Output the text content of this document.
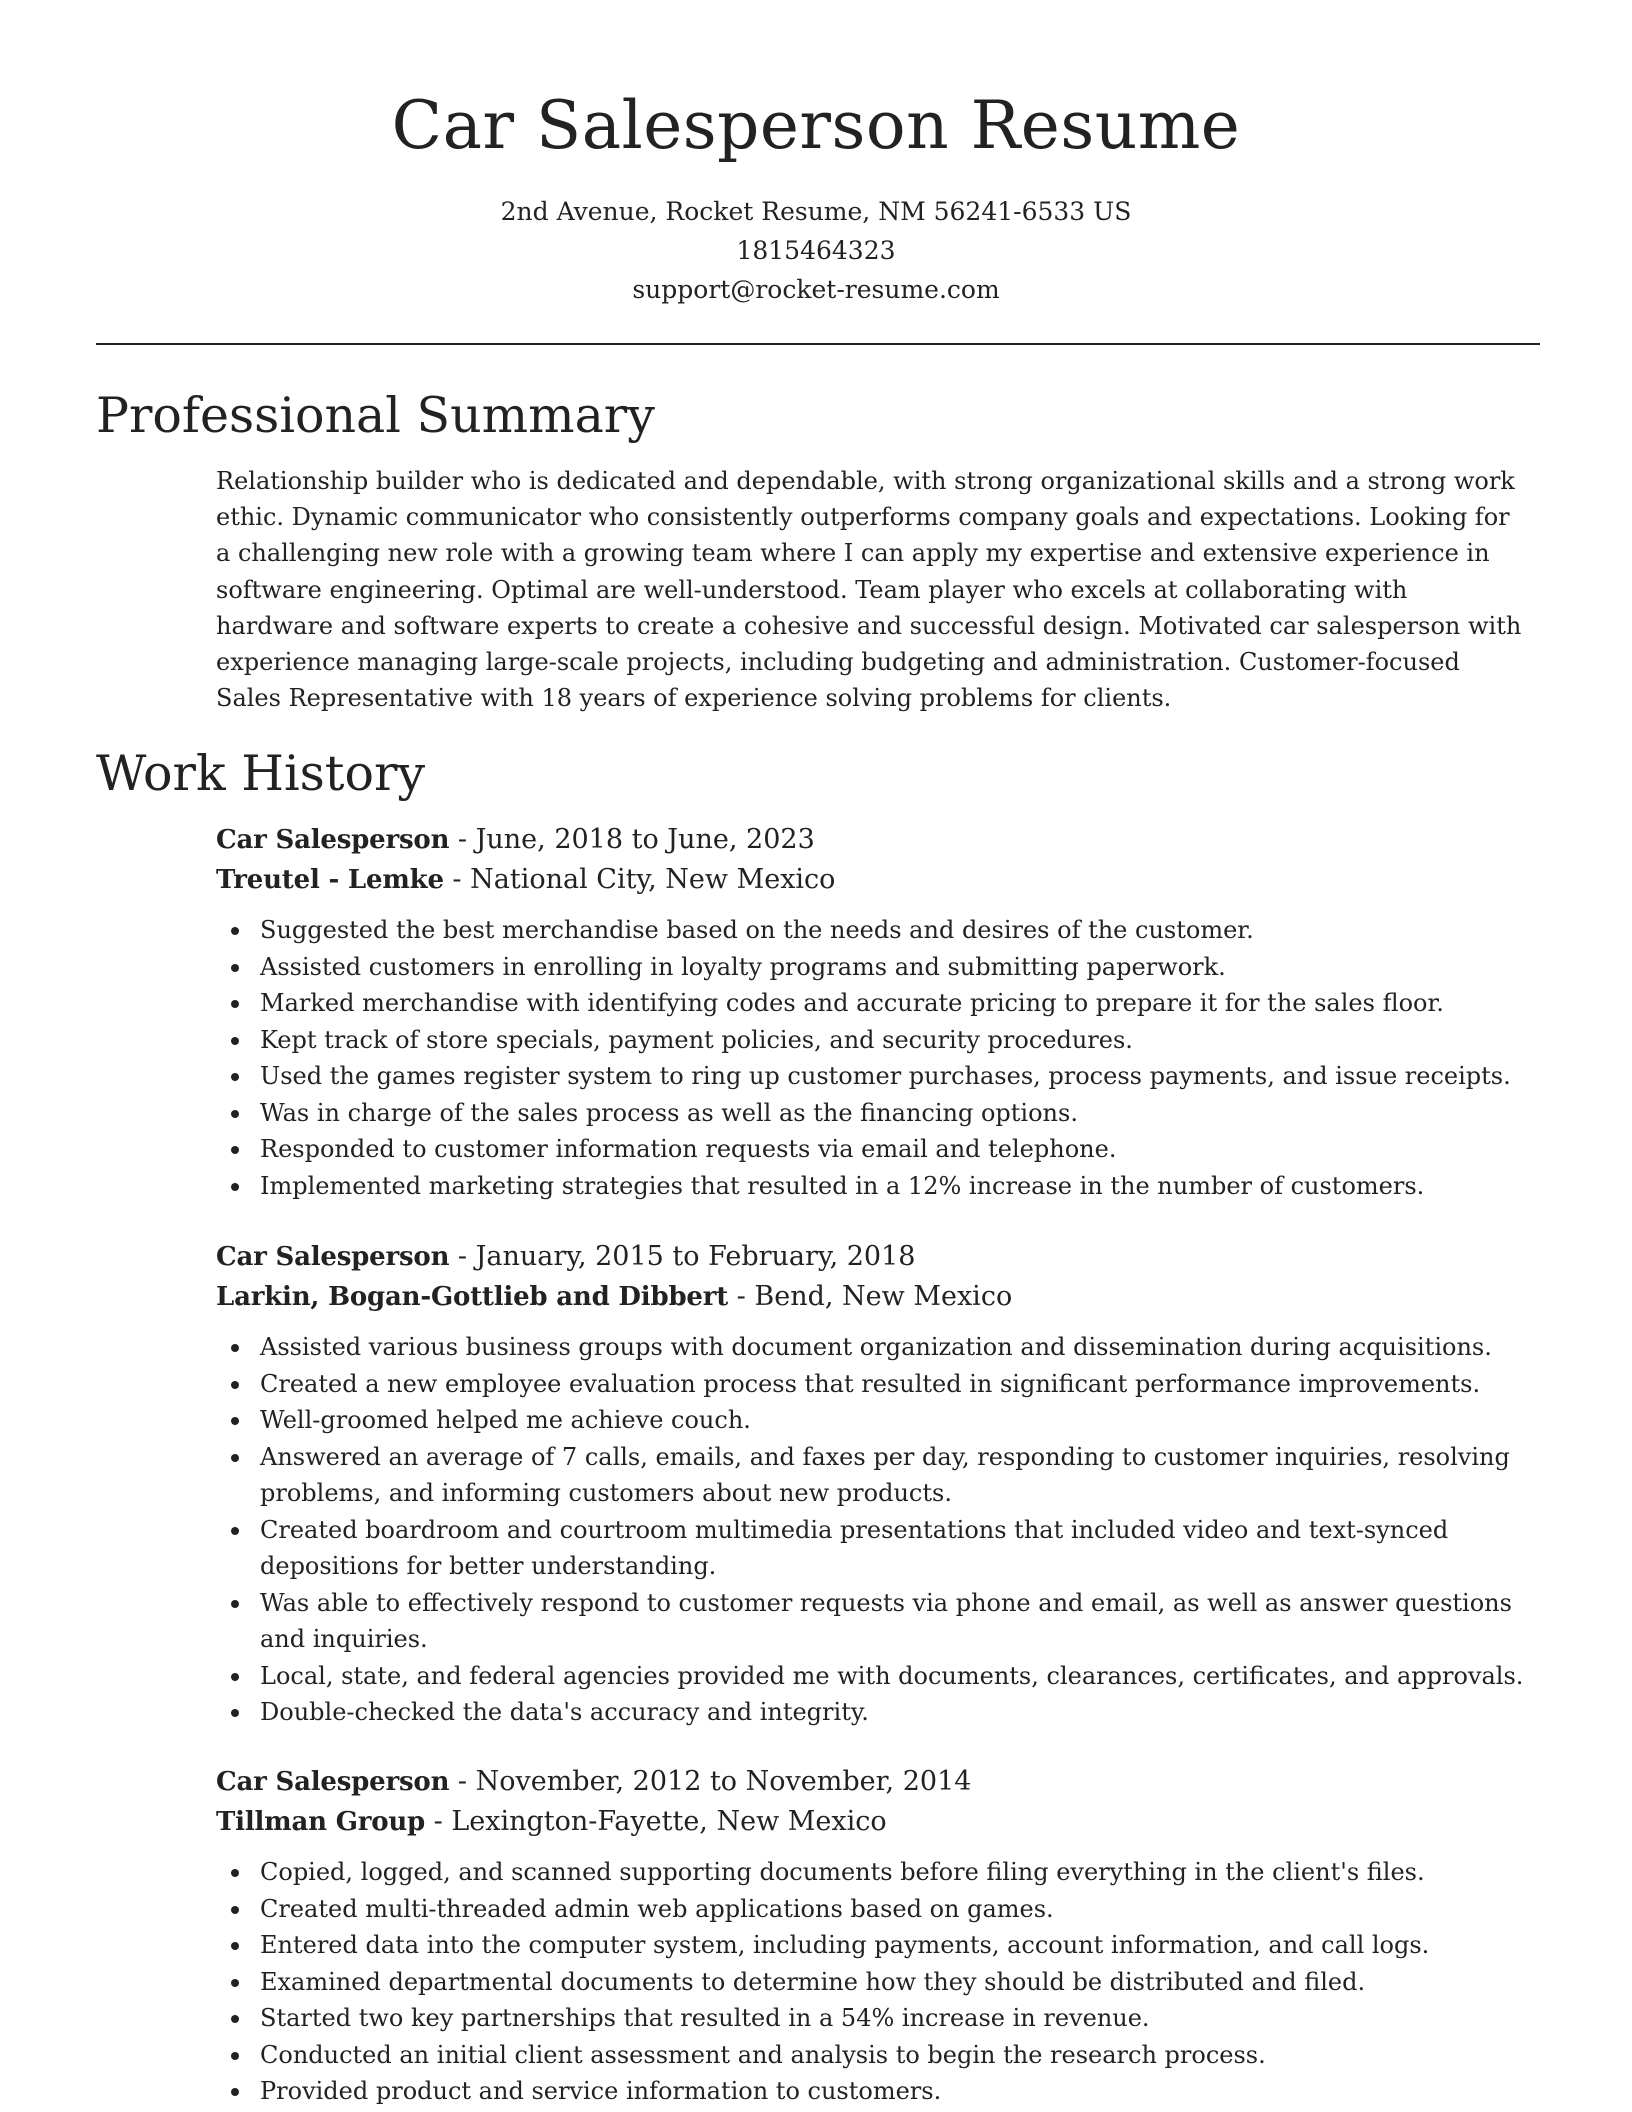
Car Salesperson Resume
2nd Avenue, Rocket Resume, NM 56241-6533 US
1815464323
support@rocket-resume.com
Professional Summary

Relationship builder who is dedicated and dependable, with strong organizational skills and a strong work ethic. Dynamic communicator who consistently outperforms company goals and expectations. Looking for a challenging new role with a growing team where I can apply my expertise and extensive experience in software engineering. Optimal are well-understood. Team player who excels at collaborating with hardware and software experts to create a cohesive and successful design. Motivated car salesperson with experience managing large-scale projects, including budgeting and administration. Customer-focused Sales Representative with 18 years of experience solving problems for clients.

Work History
Car Salesperson - June, 2018 to June, 2023
Treutel - Lemke - National City, New Mexico
Suggested the best merchandise based on the needs and desires of the customer.
Assisted customers in enrolling in loyalty programs and submitting paperwork.
Marked merchandise with identifying codes and accurate pricing to prepare it for the sales floor.
Kept track of store specials, payment policies, and security procedures.
Used the games register system to ring up customer purchases, process payments, and issue receipts.
Was in charge of the sales process as well as the financing options.
Responded to customer information requests via email and telephone.
Implemented marketing strategies that resulted in a 12% increase in the number of customers.
Car Salesperson - January, 2015 to February, 2018
Larkin, Bogan-Gottlieb and Dibbert - Bend, New Mexico
Assisted various business groups with document organization and dissemination during acquisitions.
Created a new employee evaluation process that resulted in significant performance improvements.
Well-groomed helped me achieve couch.
Answered an average of 7 calls, emails, and faxes per day, responding to customer inquiries, resolving problems, and informing customers about new products.
Created boardroom and courtroom multimedia presentations that included video and text-synced depositions for better understanding.
Was able to effectively respond to customer requests via phone and email, as well as answer questions and inquiries.
Local, state, and federal agencies provided me with documents, clearances, certificates, and approvals.
Double-checked the data's accuracy and integrity.
Car Salesperson - November, 2012 to November, 2014
Tillman Group - Lexington-Fayette, New Mexico
Copied, logged, and scanned supporting documents before filing everything in the client's files.
Created multi-threaded admin web applications based on games.
Entered data into the computer system, including payments, account information, and call logs.
Examined departmental documents to determine how they should be distributed and filed.
Started two key partnerships that resulted in a 54% increase in revenue.
Conducted an initial client assessment and analysis to begin the research process.
Provided product and service information to customers.
